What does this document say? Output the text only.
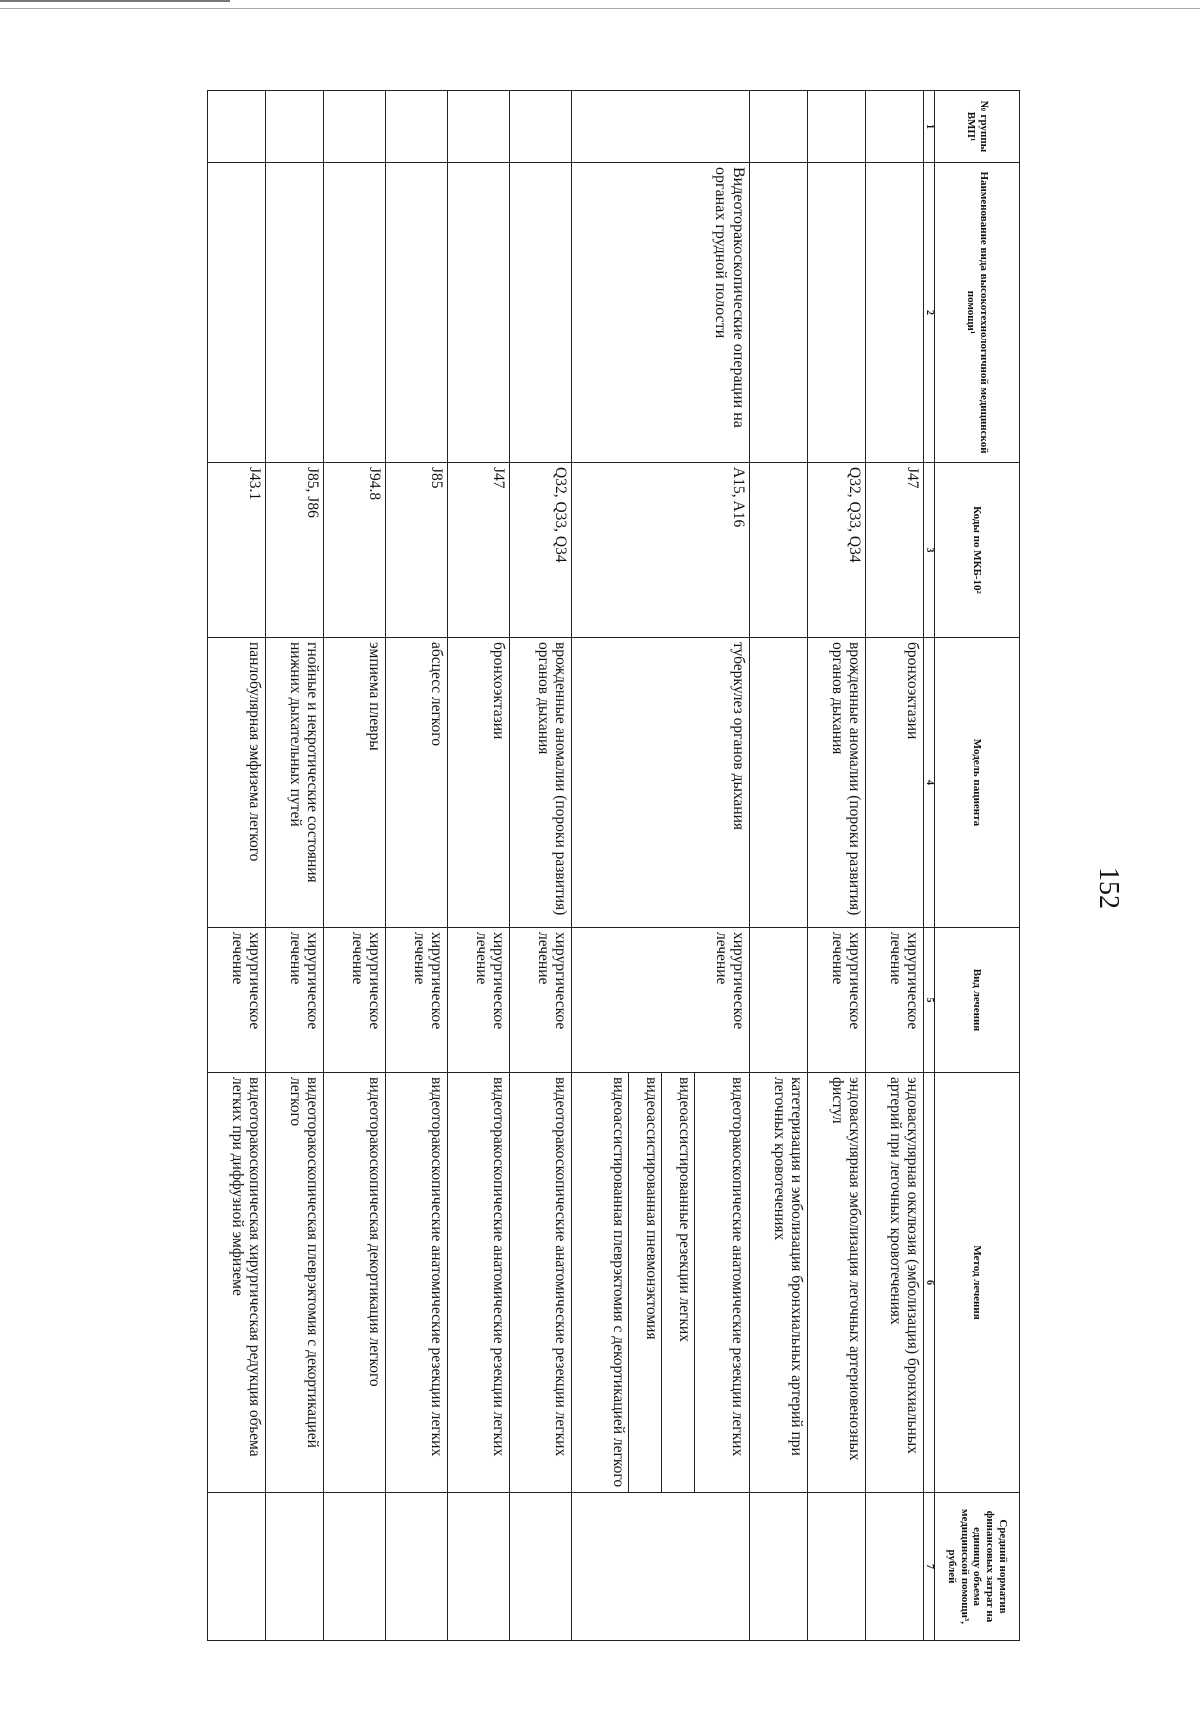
152
№ группы ВМП¹	Наименование вида высокотехнологичной медицинской помощи¹	Коды по МКБ-10²	Модель пациента	Вид лечения	Метод лечения	Средний норматив финансовых затрат на единицу объема медицинской помощи³, рублей
1	2	3	4	5	6	7
		J47	бронхоэктазии	хирургическое лечение	эндоваскулярная окклюзия (эмболизация) бронхиальных артерий при легочных кровотечениях	
		Q32, Q33, Q34	врожденные аномалии (пороки развития) органов дыхания	хирургическое лечение	эндоваскулярная эмболизация легочных артериовенозных фистул	
					катетеризация и эмболизация бронхиальных артерий при легочных кровотечениях	
	Видеоторакоскопические операции на органах грудной полости	A15, A16	туберкулез органов дыхания	хирургическое лечение	видеоторакоскопические анатомические резекции легких
видеоассистированные резекции легких
видеоассистированная пневмонэктомия
видеоассистированная плеврэктомия с декортикацией легкого	

		Q32, Q33, Q34	врожденные аномалии (пороки развития) органов дыхания	хирургическое лечение	видеоторакоскопические анатомические резекции легких	
		J47	бронхоэктазии	хирургическое лечение	видеоторакоскопические анатомические резекции легких	
		J85	абсцесс легкого	хирургическое лечение	видеоторакоскопические анатомические резекции легких	
		J94.8	эмпиема плевры	хирургическое лечение	видеоторакоскопическая декортикация легкого	
		J85, J86	гнойные и некротические состояния нижних дыхательных путей	хирургическое лечение	видеоторакоскопическая плеврэктомия с декортикацией легкого	
		J43.1	панлобулярная эмфизема легкого	хирургическое лечение	видеоторакоскопическая хирургическая редукция объема легких при диффузной эмфиземе	
